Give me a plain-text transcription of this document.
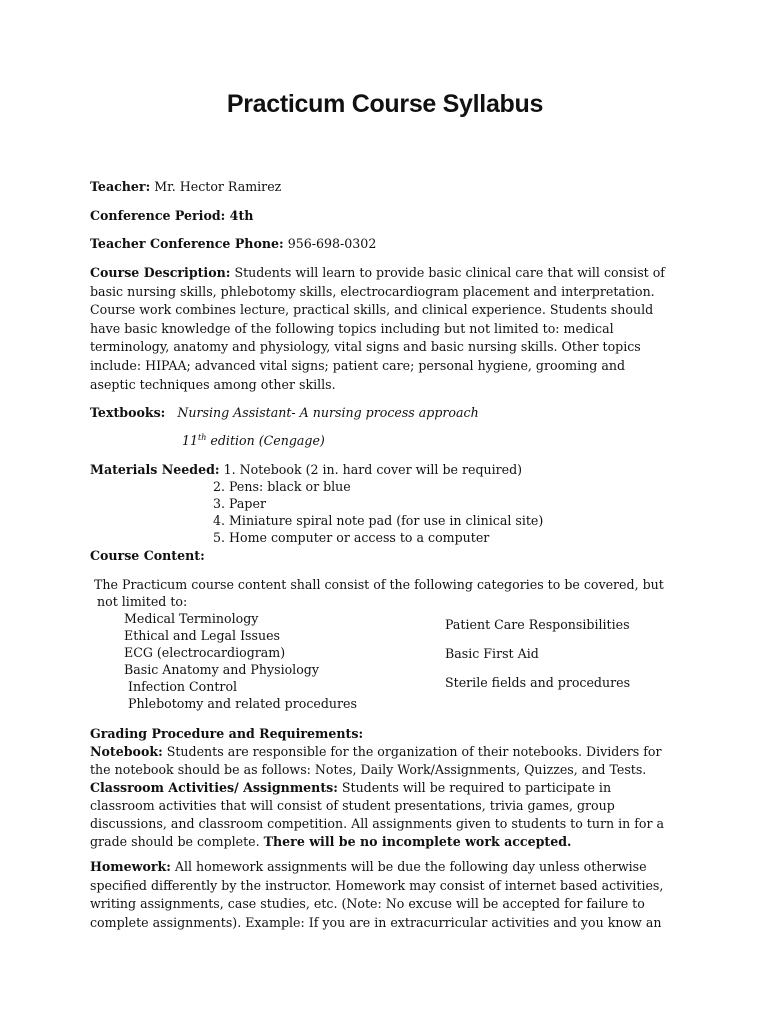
Practicum Course Syllabus
Teacher: Mr. Hector Ramirez
Conference Period: 4th
Teacher Conference Phone: 956-698-0302
Course Description: Students will learn to provide basic clinical care that will consist of basic nursing skills, phlebotomy skills, electrocardiogram placement and interpretation. Course work combines lecture, practical skills, and clinical experience. Students should have basic knowledge of the following topics including but not limited to: medical terminology, anatomy and physiology, vital signs and basic nursing skills. Other topics include: HIPAA; advanced vital signs; patient care; personal hygiene, grooming and aseptic techniques among other skills.
Textbooks: Nursing Assistant- A nursing process approach
11th edition (Cengage)
Materials Needed: 1. Notebook (2 in. hard cover will be required)
2. Pens: black or blue
3. Paper
4. Miniature spiral note pad (for use in clinical site)
5. Home computer or access to a computer
Course Content:
The Practicum course content shall consist of the following categories to be covered, but
not limited to:
Medical Terminology
Ethical and Legal Issues
ECG (electrocardiogram)
Basic Anatomy and Physiology
Infection Control
Phlebotomy and related procedures
Patient Care Responsibilities
Basic First Aid
Sterile fields and procedures
Grading Procedure and Requirements:
Notebook: Students are responsible for the organization of their notebooks. Dividers for the notebook should be as follows: Notes, Daily Work/Assignments, Quizzes, and Tests.
Classroom Activities/ Assignments: Students will be required to participate in classroom activities that will consist of student presentations, trivia games, group discussions, and classroom competition. All assignments given to students to turn in for a grade should be complete. There will be no incomplete work accepted.
Homework: All homework assignments will be due the following day unless otherwise specified differently by the instructor. Homework may consist of internet based activities, writing assignments, case studies, etc. (Note: No excuse will be accepted for failure to complete assignments). Example: If you are in extracurricular activities and you know an
